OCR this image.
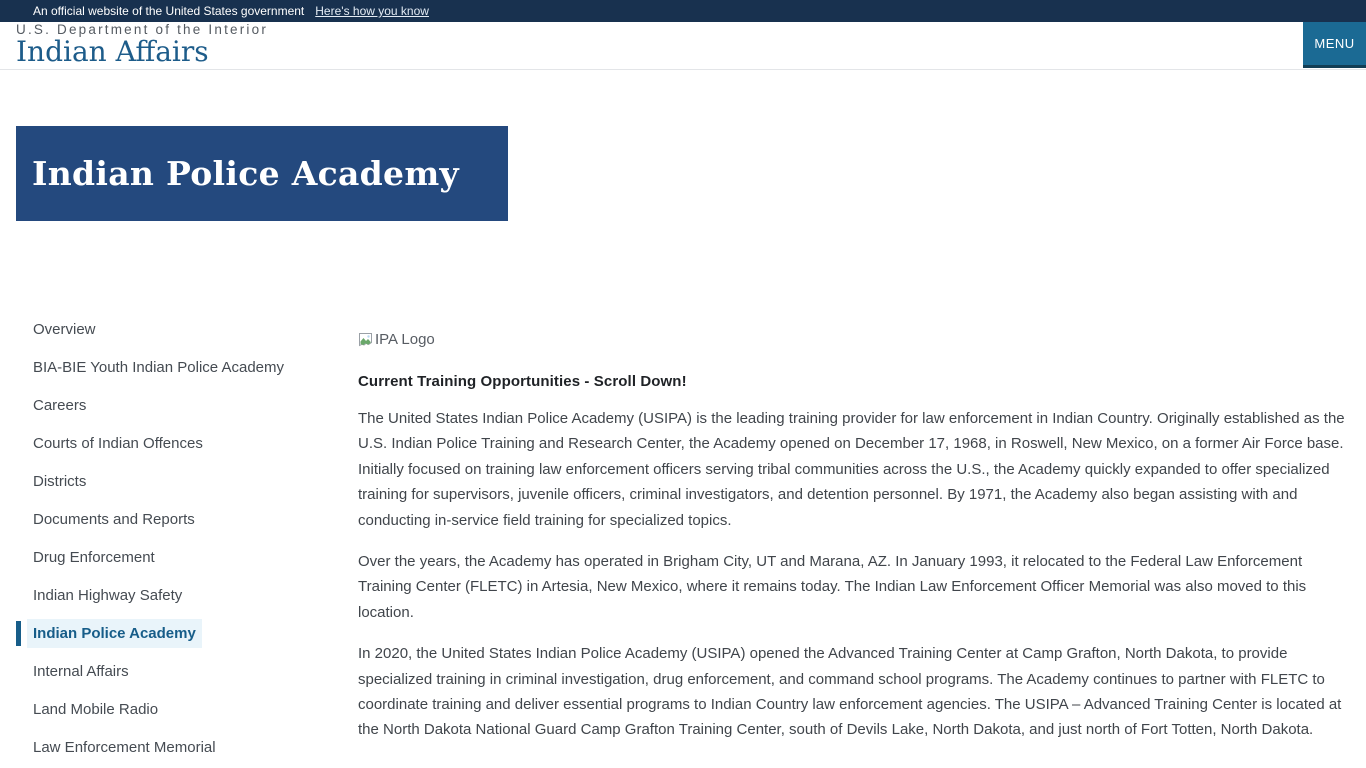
An official website of the United States government Here's how you know
U.S. Department of the Interior
Indian Affairs	MENU
Indian Police Academy
Overview
BIA-BIE Youth Indian Police Academy
Careers
Courts of Indian Offences
Districts
Documents and Reports
Drug Enforcement
Indian Highway Safety
Indian Police Academy
Internal Affairs
Land Mobile Radio
Law Enforcement Memorial
IPA Logo
Current Training Opportunities - Scroll Down!

The United States Indian Police Academy (USIPA) is the leading training provider for law enforcement in Indian Country. Originally established as the U.S. Indian Police Training and Research Center, the Academy opened on December 17, 1968, in Roswell, New Mexico, on a former Air Force base. Initially focused on training law enforcement officers serving tribal communities across the U.S., the Academy quickly expanded to offer specialized training for supervisors, juvenile officers, criminal investigators, and detention personnel. By 1971, the Academy also began assisting with and conducting in-service field training for specialized topics.

Over the years, the Academy has operated in Brigham City, UT and Marana, AZ. In January 1993, it relocated to the Federal Law Enforcement Training Center (FLETC) in Artesia, New Mexico, where it remains today. The Indian Law Enforcement Officer Memorial was also moved to this location.

In 2020, the United States Indian Police Academy (USIPA) opened the Advanced Training Center at Camp Grafton, North Dakota, to provide specialized training in criminal investigation, drug enforcement, and command school programs. The Academy continues to partner with FLETC to coordinate training and deliver essential programs to Indian Country law enforcement agencies. The USIPA – Advanced Training Center is located at the North Dakota National Guard Camp Grafton Training Center, south of Devils Lake, North Dakota, and just north of Fort Totten, North Dakota.
